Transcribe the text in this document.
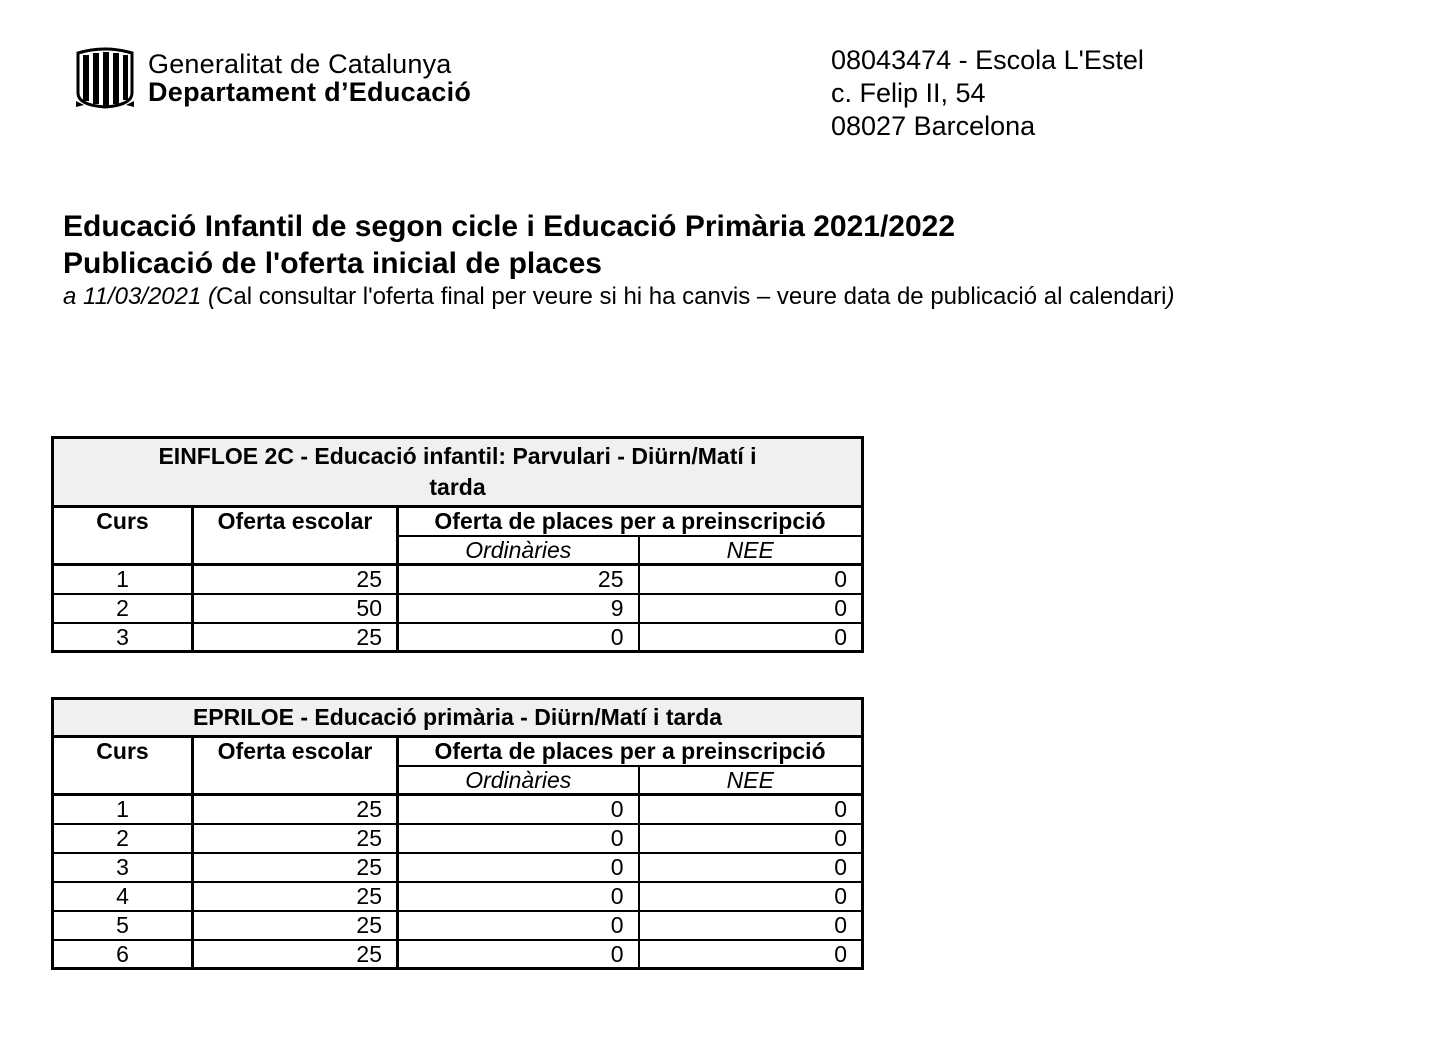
Generalitat de Catalunya
Departament d’Educació
08043474 - Escola L'Estel
c. Felip II, 54
08027 Barcelona
Educació Infantil de segon cicle i Educació Primària 2021/2022
Publicació de l'oferta inicial de places
a 11/03/2021 (Cal consultar l'oferta final per veure si hi ha canvis – veure data de publicació al calendari)
EINFLOE 2C - Educació infantil: Parvulari - Diürn/Matí i
tarda			

Curs	Oferta escolar	Oferta de places per a preinscripció	
		Ordinàries	NEE
1	25	25	0
2	50	9	0
3	25	0	0
EPRILOE - Educació primària - Diürn/Matí i tarda			

Curs	Oferta escolar	Oferta de places per a preinscripció	
		Ordinàries	NEE
1	25	0	0
2	25	0	0
3	25	0	0
4	25	0	0
5	25	0	0
6	25	0	0
